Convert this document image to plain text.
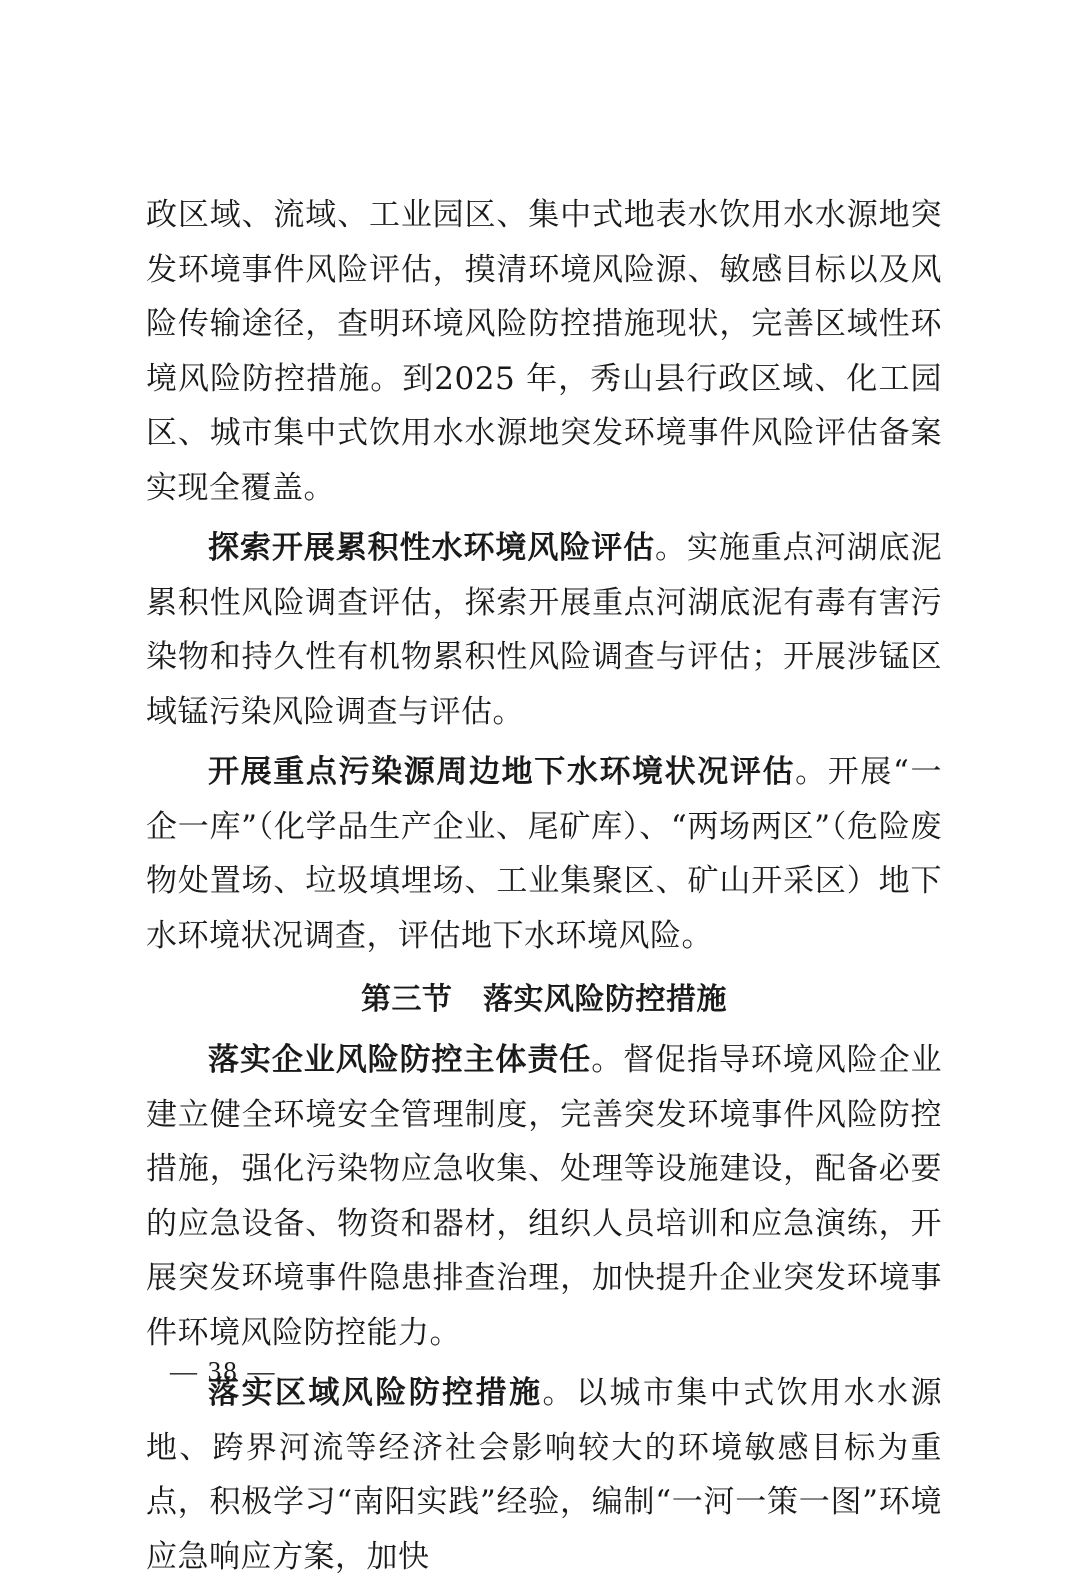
政区域、流域、工业园区、集中式地表水饮用水水源地突发环境事件风险评估，摸清环境风险源、敏感目标以及风险传输途径，查明环境风险防控措施现状，完善区域性环境风险防控措施。到2025 年，秀山县行政区域、化工园区、城市集中式饮用水水源地突发环境事件风险评估备案实现全覆盖。

探索开展累积性水环境风险评估。实施重点河湖底泥累积性风险调查评估，探索开展重点河湖底泥有毒有害污染物和持久性有机物累积性风险调查与评估；开展涉锰区域锰污染风险调查与评估。

开展重点污染源周边地下水环境状况评估。开展“一企一库”（化学品生产企业、尾矿库）、“两场两区”（危险废物处置场、垃圾填埋场、工业集聚区、矿山开采区）地下水环境状况调查，评估地下水环境风险。

第三节　落实风险防控措施

落实企业风险防控主体责任。督促指导环境风险企业建立健全环境安全管理制度，完善突发环境事件风险防控措施，强化污染物应急收集、处理等设施建设，配备必要的应急设备、物资和器材，组织人员培训和应急演练，开展突发环境事件隐患排查治理，加快提升企业突发环境事件环境风险防控能力。

落实区域风险防控措施。以城市集中式饮用水水源地、跨界河流等经济社会影响较大的环境敏感目标为重点，积极学习“南阳实践”经验，编制“一河一策一图”环境应急响应方案，加快

— 38 —
